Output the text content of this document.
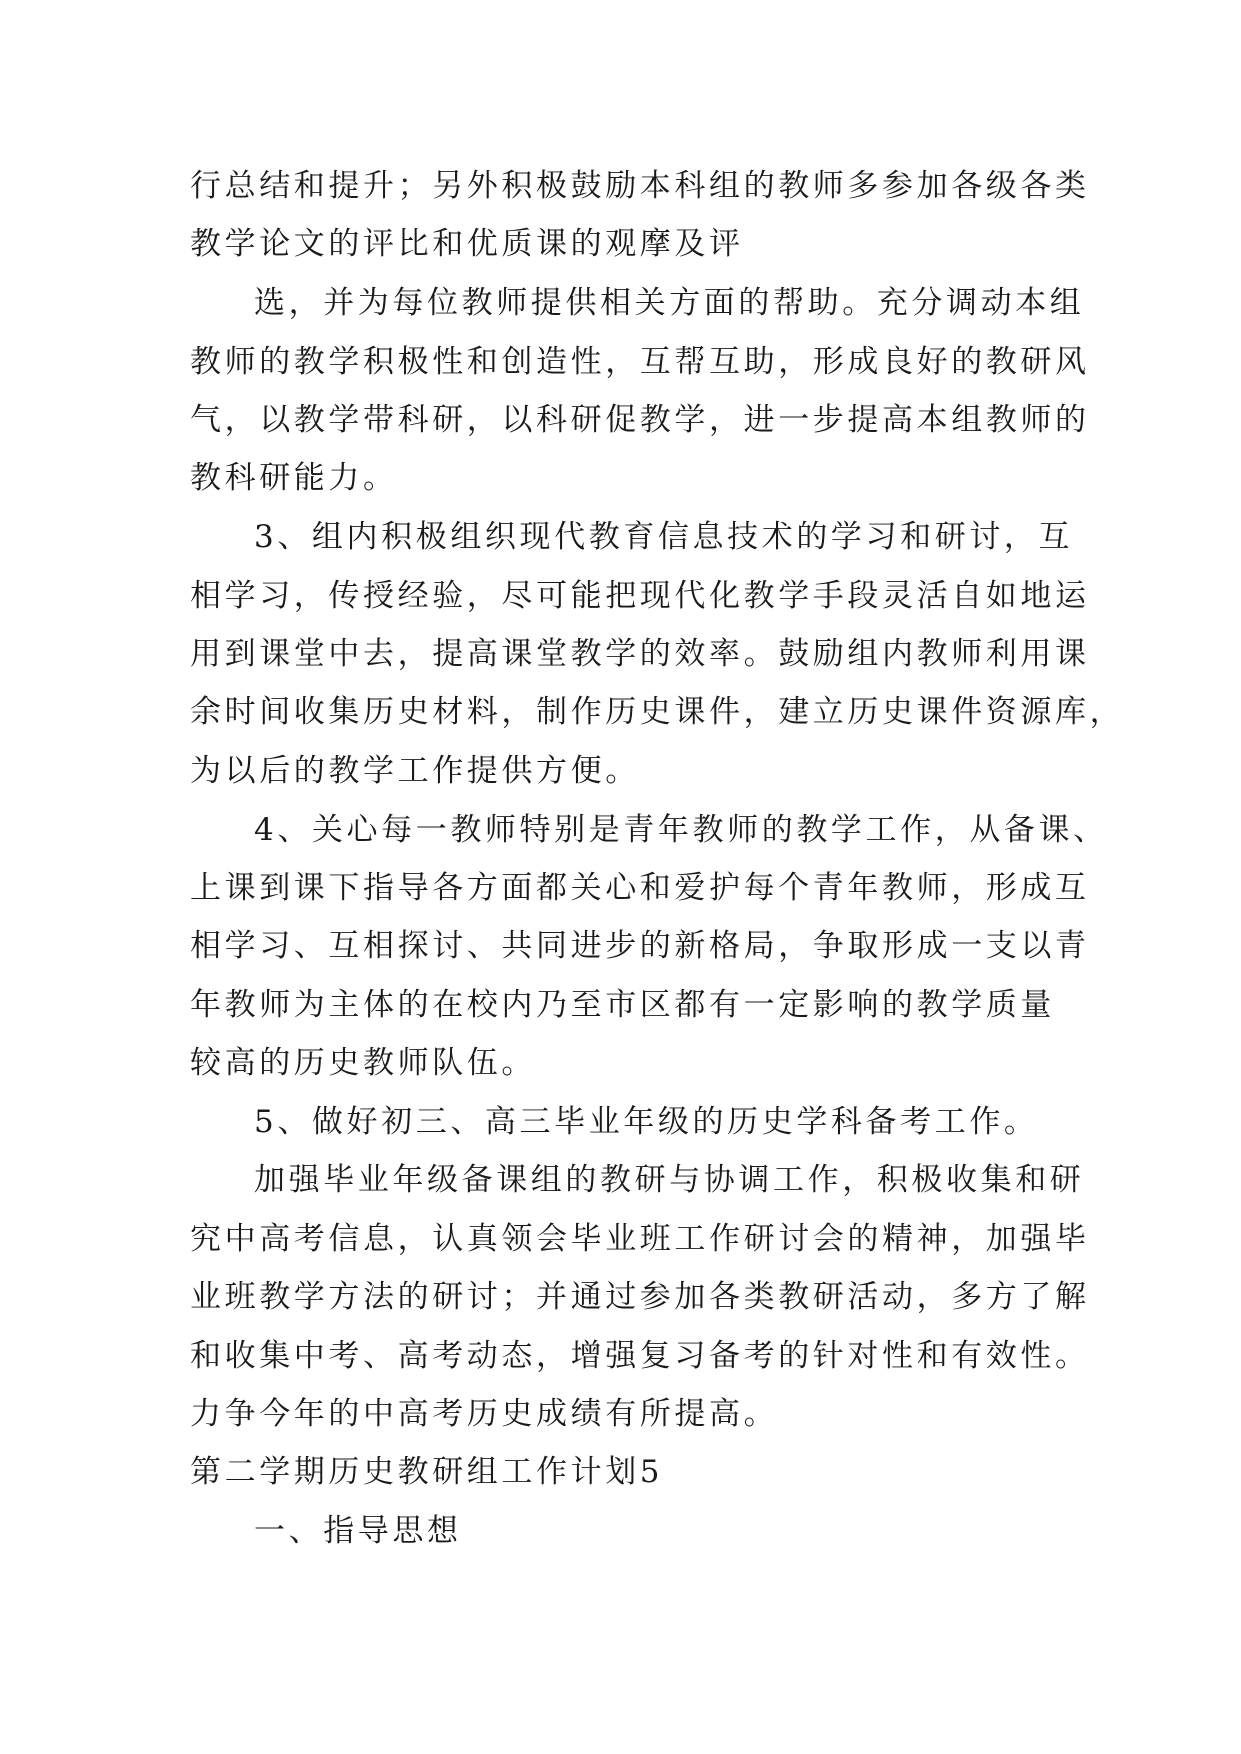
行总结和提升；另外积极鼓励本科组的教师多参加各级各类
教学论文的评比和优质课的观摩及评
选，并为每位教师提供相关方面的帮助。充分调动本组
教师的教学积极性和创造性，互帮互助，形成良好的教研风
气，以教学带科研，以科研促教学，进一步提高本组教师的
教科研能力。
3、组内积极组织现代教育信息技术的学习和研讨，互
相学习，传授经验，尽可能把现代化教学手段灵活自如地运
用到课堂中去，提高课堂教学的效率。鼓励组内教师利用课
余时间收集历史材料，制作历史课件，建立历史课件资源库，
为以后的教学工作提供方便。
4、关心每一教师特别是青年教师的教学工作，从备课、
上课到课下指导各方面都关心和爱护每个青年教师，形成互
相学习、互相探讨、共同进步的新格局，争取形成一支以青
年教师为主体的在校内乃至市区都有一定影响的教学质量
较高的历史教师队伍。
5、做好初三、高三毕业年级的历史学科备考工作。
加强毕业年级备课组的教研与协调工作，积极收集和研
究中高考信息，认真领会毕业班工作研讨会的精神，加强毕
业班教学方法的研讨；并通过参加各类教研活动，多方了解
和收集中考、高考动态，增强复习备考的针对性和有效性。
力争今年的中高考历史成绩有所提高。
第二学期历史教研组工作计划5
一、指导思想
